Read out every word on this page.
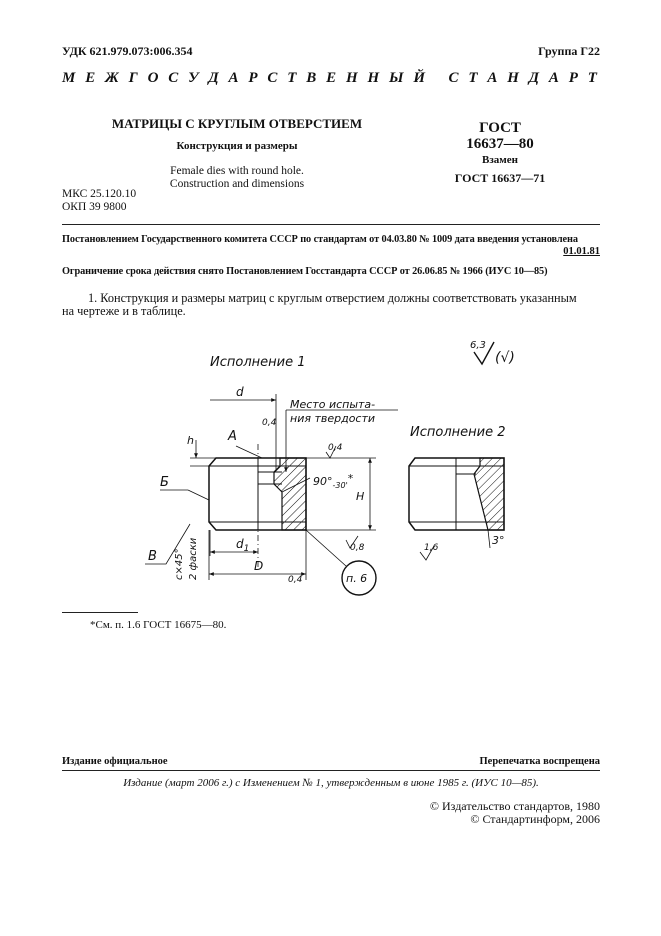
УДК 621.979.073:006.354	Группа Г22
М Е Ж Г О С У Д А Р С Т В Е Н Н Ы Й
С Т А Н Д А Р Т
МАТРИЦЫ С КРУГЛЫМ ОТВЕРСТИЕМ
Конструкция и размеры
Female dies with round hole.
Construction and dimensions
МКС 25.120.10
ОКП 39 9800
ГОСТ
16637—80
Взамен
ГОСТ 16637—71
Постановлением Государственного комитета СССР по стандартам от 04.03.80 № 1009 дата введения установлена
01.01.81
Ограничение срока действия снято Постановлением Госстандарта СССР от 26.06.85 № 1966 (ИУС 10—85)
1. Конструкция и размеры матриц с круглым отверстием должны соответствовать указанным
на чертеже и в таблице.
Исполнение 1
Исполнение 2
6,3
(√)
d
$d_1$
D
h
H
$90^\circ_{-30'}*$
0,4
0,4
0,8
0,4
А
Б
В c×45° 2 фаски
Место испыта-
ния твердости
п. 6
1,6
3°
*См. п. 1.6 ГОСТ 16675—80.
Издание официальное	Перепечатка воспрещена
Издание (март 2006 г.) с Изменением № 1, утвержденным в июне 1985 г. (ИУС 10—85).
© Издательство стандартов, 1980
© Стандартинформ, 2006
